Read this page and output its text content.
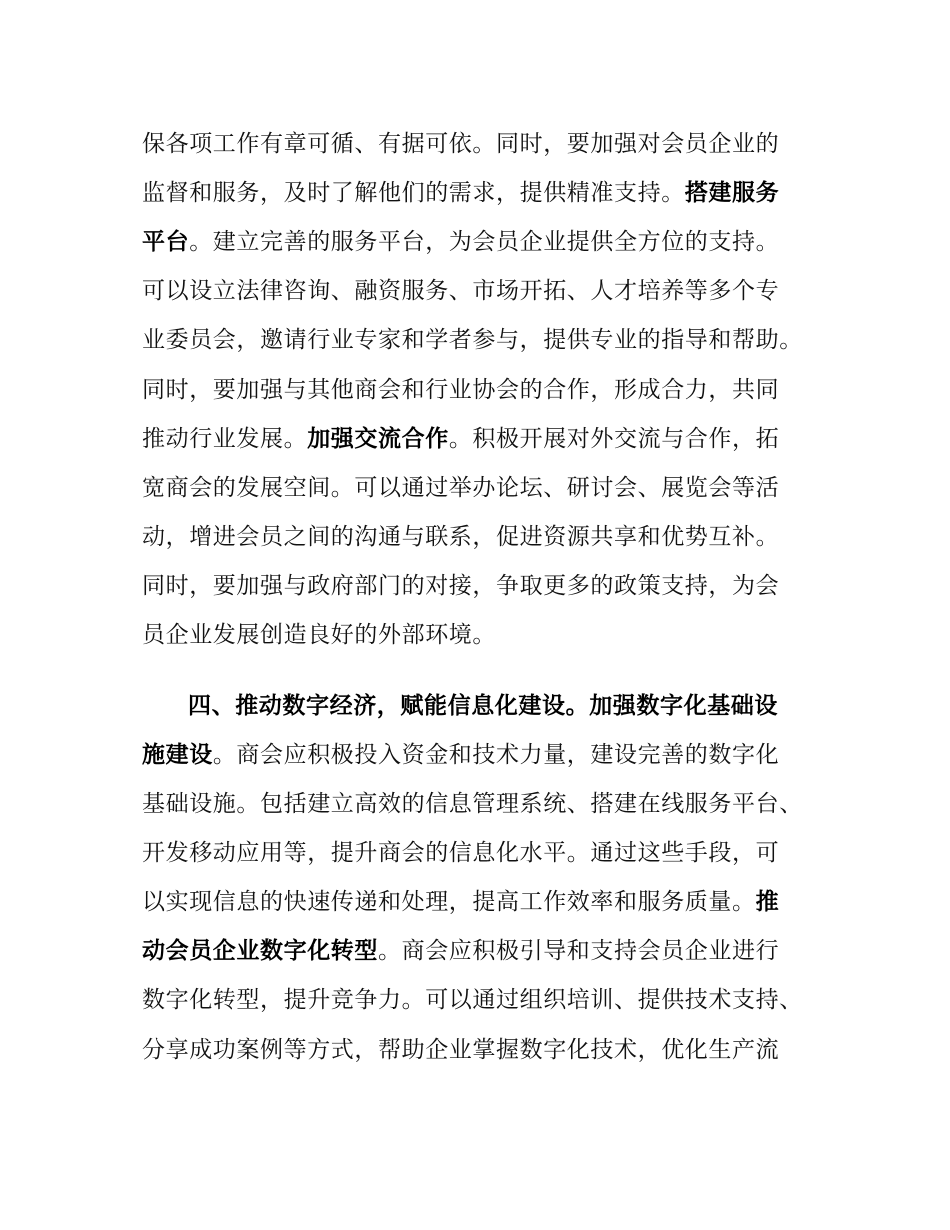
保各项工作有章可循、有据可依。同时，要加强对会员企业的
监督和服务，及时了解他们的需求，提供精准支持。搭建服务
平台。建立完善的服务平台，为会员企业提供全方位的支持。
可以设立法律咨询、融资服务、市场开拓、人才培养等多个专
业委员会，邀请行业专家和学者参与，提供专业的指导和帮助。
同时，要加强与其他商会和行业协会的合作，形成合力，共同
推动行业发展。加强交流合作。积极开展对外交流与合作，拓
宽商会的发展空间。可以通过举办论坛、研讨会、展览会等活
动，增进会员之间的沟通与联系，促进资源共享和优势互补。
同时，要加强与政府部门的对接，争取更多的政策支持，为会
员企业发展创造良好的外部环境。
四、推动数字经济，赋能信息化建设。加强数字化基础设
施建设。商会应积极投入资金和技术力量，建设完善的数字化
基础设施。包括建立高效的信息管理系统、搭建在线服务平台、
开发移动应用等，提升商会的信息化水平。通过这些手段，可
以实现信息的快速传递和处理，提高工作效率和服务质量。推
动会员企业数字化转型。商会应积极引导和支持会员企业进行
数字化转型，提升竞争力。可以通过组织培训、提供技术支持、
分享成功案例等方式，帮助企业掌握数字化技术，优化生产流
